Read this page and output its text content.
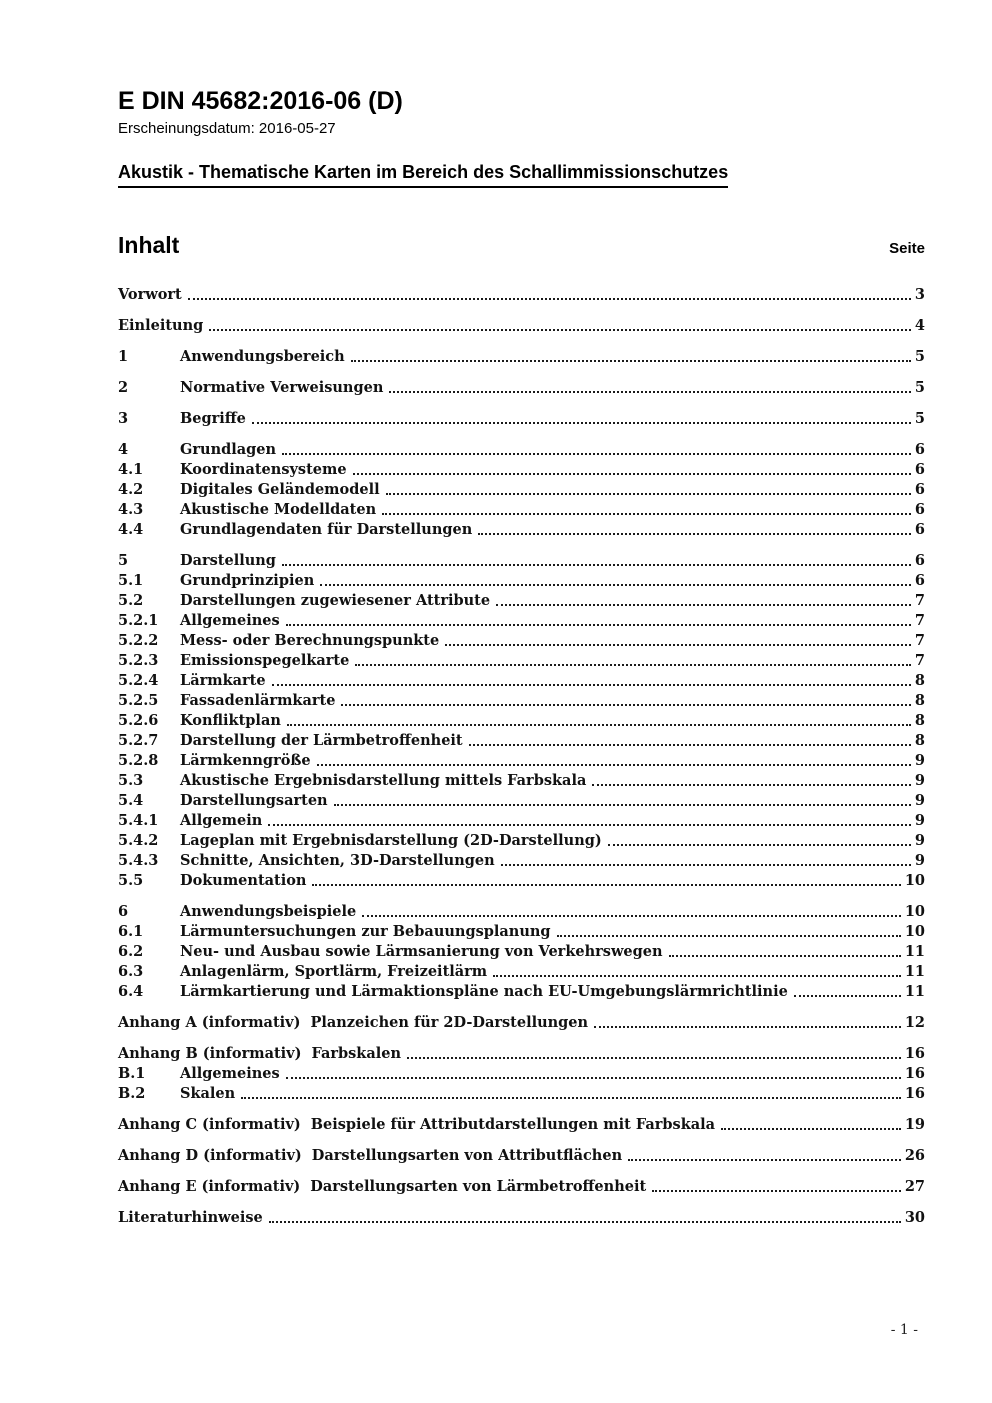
E DIN 45682:2016-06 (D)
Erscheinungsdatum: 2016-05-27
Akustik - Thematische Karten im Bereich des Schallimmissionschutzes
Inhalt	Seite
Vorwort	3
Einleitung	4
1	Anwendungsbereich	5
2	Normative Verweisungen	5
3	Begriffe	5
4	Grundlagen	6
4.1	Koordinatensysteme	6
4.2	Digitales Geländemodell	6
4.3	Akustische Modelldaten	6
4.4	Grundlagendaten für Darstellungen	6
5	Darstellung	6
5.1	Grundprinzipien	6
5.2	Darstellungen zugewiesener Attribute	7
5.2.1	Allgemeines	7
5.2.2	Mess- oder Berechnungspunkte	7
5.2.3	Emissionspegelkarte	7
5.2.4	Lärmkarte	8
5.2.5	Fassadenlärmkarte	8
5.2.6	Konfliktplan	8
5.2.7	Darstellung der Lärmbetroffenheit	8
5.2.8	Lärmkenngröße	9
5.3	Akustische Ergebnisdarstellung mittels Farbskala	9
5.4	Darstellungsarten	9
5.4.1	Allgemein	9
5.4.2	Lageplan mit Ergebnisdarstellung (2D-Darstellung)	9
5.4.3	Schnitte, Ansichten, 3D-Darstellungen	9
5.5	Dokumentation	10
6	Anwendungsbeispiele	10
6.1	Lärmuntersuchungen zur Bebauungsplanung	10
6.2	Neu- und Ausbau sowie Lärmsanierung von Verkehrswegen	11
6.3	Anlagenlärm, Sportlärm, Freizeitlärm	11
6.4	Lärmkartierung und Lärmaktionspläne nach EU-Umgebungslärmrichtlinie	11
Anhang A (informativ) Planzeichen für 2D-Darstellungen	12
Anhang B (informativ) Farbskalen	16
B.1	Allgemeines	16
B.2	Skalen	16
Anhang C (informativ) Beispiele für Attributdarstellungen mit Farbskala	19
Anhang D (informativ) Darstellungsarten von Attributflächen	26
Anhang E (informativ) Darstellungsarten von Lärmbetroffenheit	27
Literaturhinweise	30
- 1 -
